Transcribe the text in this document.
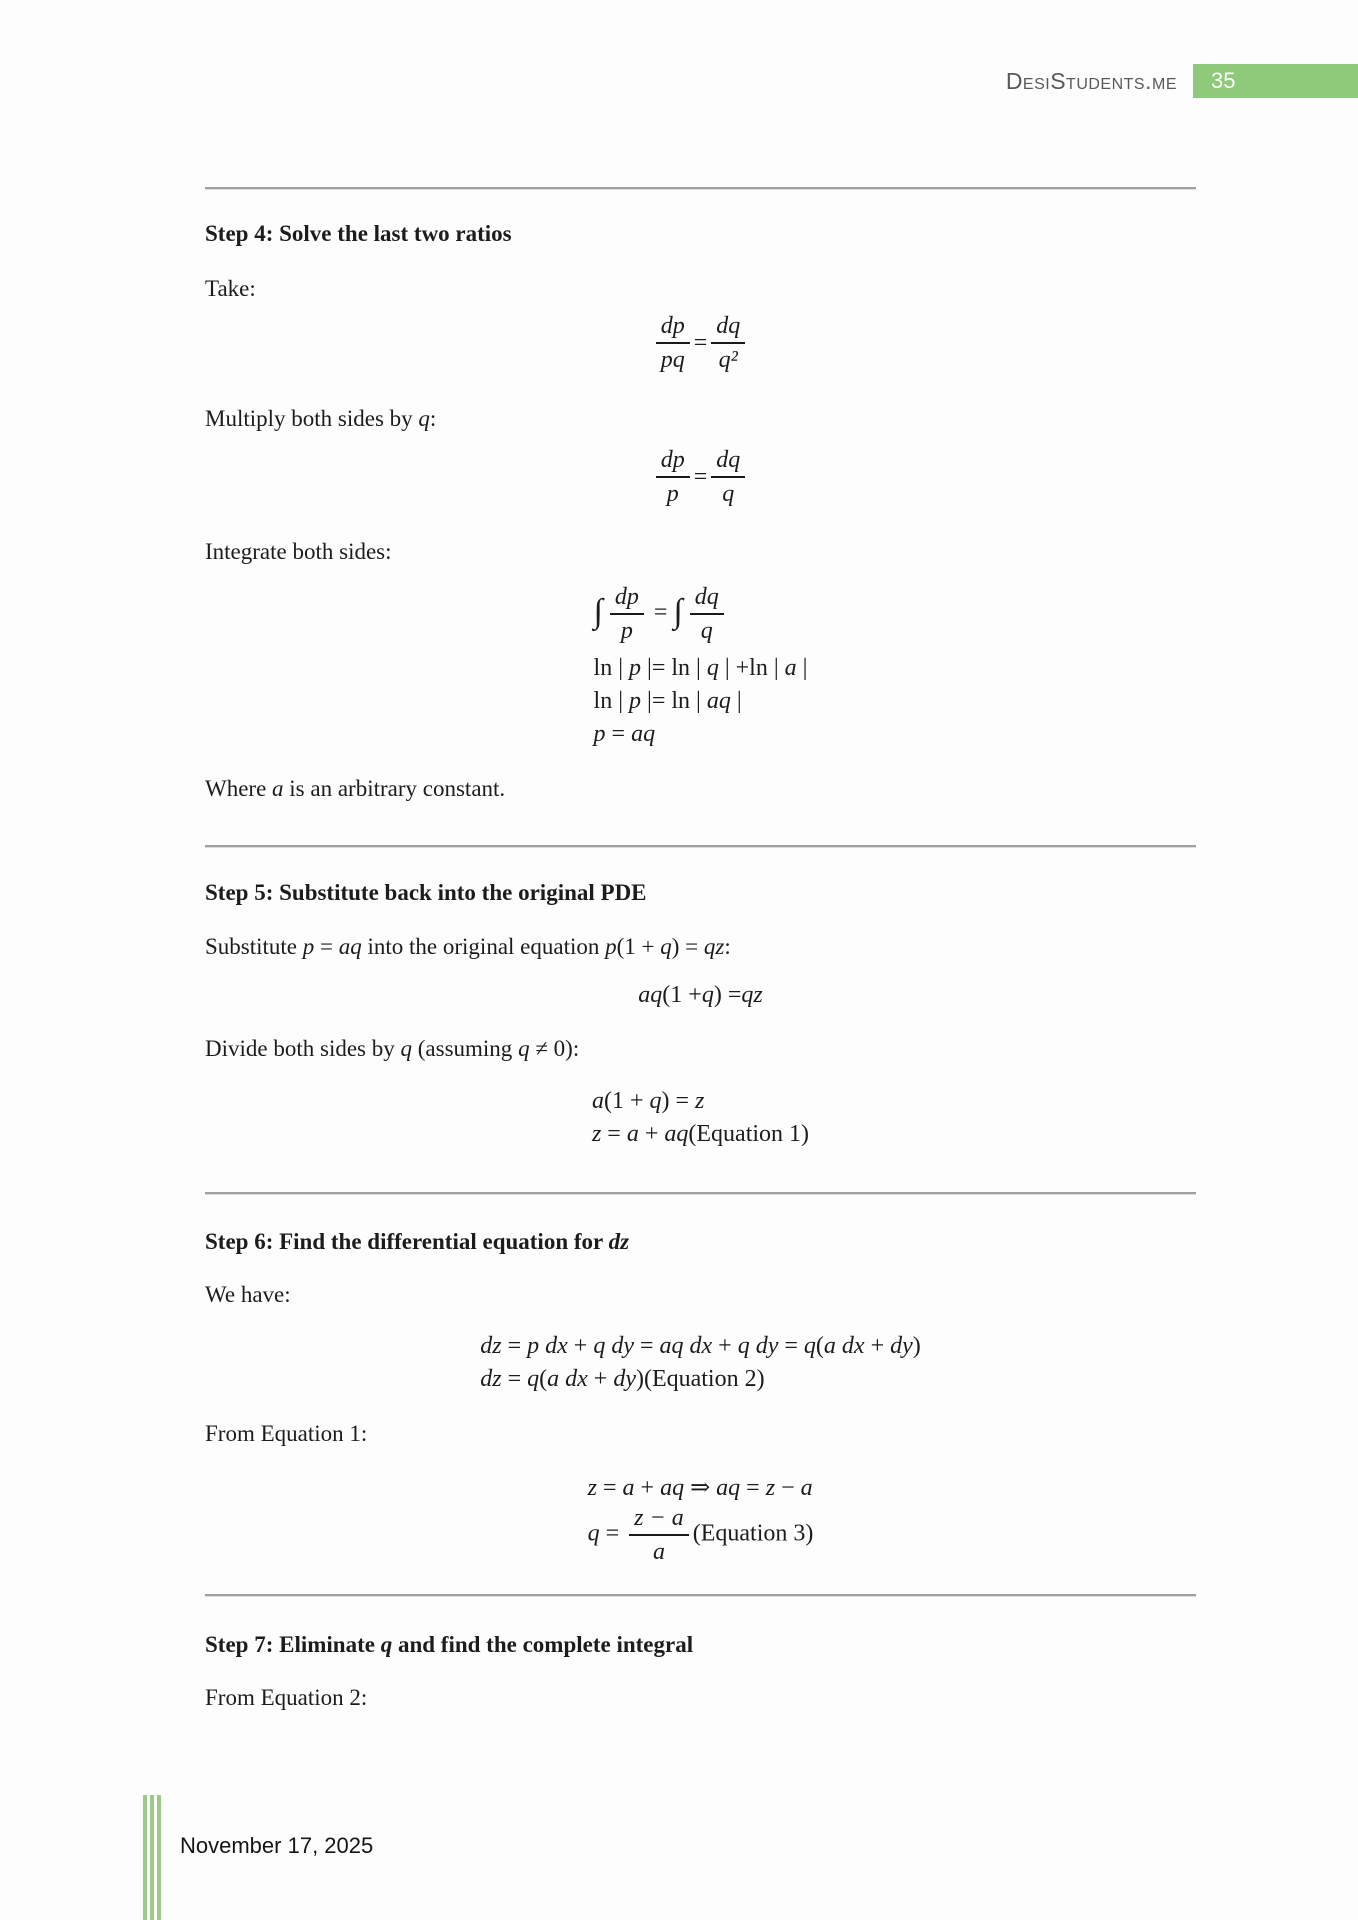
DesiStudents.me 35
Step 4: Solve the last two ratios

Take:

$\frac{dp}{pq} = \frac{dq}{\text{q²}}$

Multiply both sides by q:

$\frac{dp}{p} = \frac{dq}{q}$

Integrate both sides:

∫ $\frac{dp}{p}$ = ∫ $\frac{dq}{q}$
ln | p |= ln | q | +ln | a |
ln | p |= ln | aq |
p = aq

Where a is an arbitrary constant.

Step 5: Substitute back into the original PDE

Substitute p = aq into the original equation p(1 + q) = qz:

aq (1 + q ) = qz

Divide both sides by q (assuming q ≠ 0):

a(1 + q) = z
z = a + aq(Equation 1)
Step 6: Find the differential equation for dz

We have:

dz = p dx + q dy = aq dx + q dy = q(a dx + dy)
dz = q(a dx + dy)(Equation 2)

From Equation 1:

z = a + aq ⇒ aq = z − a
$q = \frac{z - a}{a}$ (Equation 3)
Step 7: Eliminate q and find the complete integral

From Equation 2:

November 17, 2025
